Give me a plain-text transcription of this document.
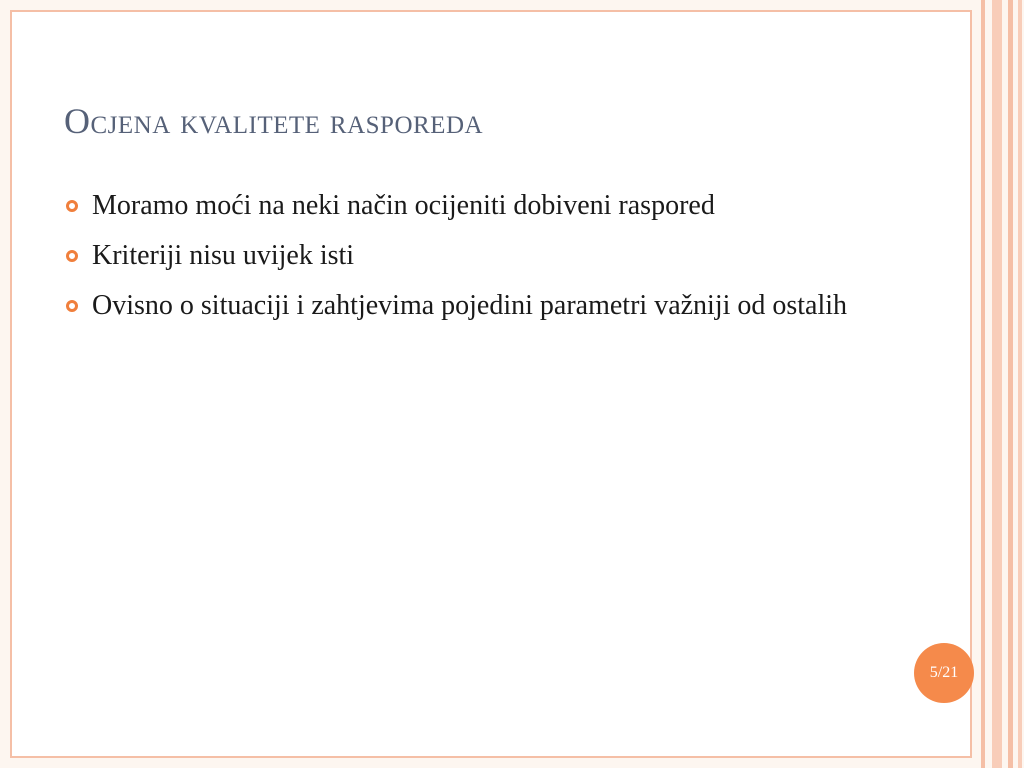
Ocjena kvalitete rasporeda
Moramo moći na neki način ocijeniti dobiveni raspored
Kriteriji nisu uvijek isti
Ovisno o situaciji i zahtjevima pojedini parametri važniji od ostalih
5/21
